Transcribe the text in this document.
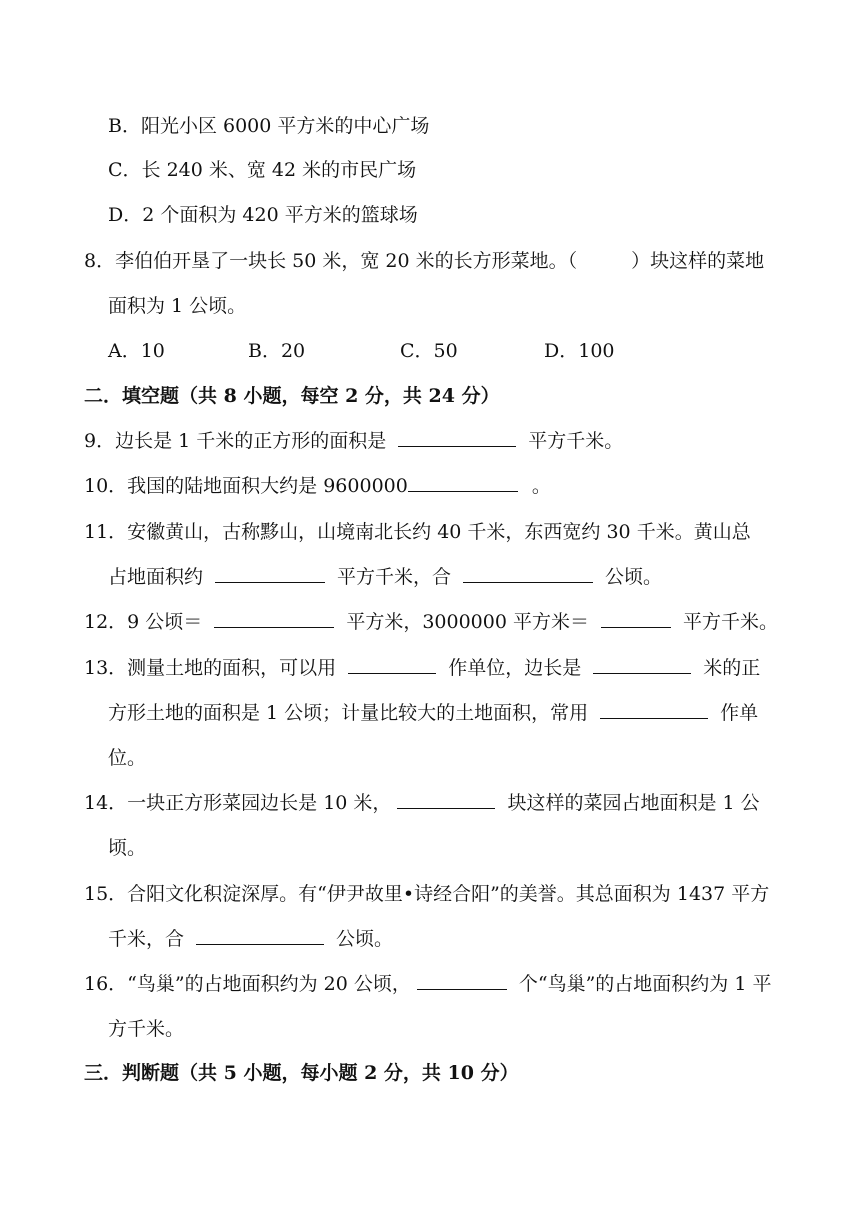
B．阳光小区 6000 平方米的中心广场
C．长 240 米、宽 42 米的市民广场
D．2 个面积为 420 平方米的篮球场
8．李伯伯开垦了一块长 50 米，宽 20 米的长方形菜地。（	）块这样的菜地
面积为 1 公顷。
A．10	B．20	C．50	D．100
二．填空题（共 8 小题，每空 2 分，共 24 分）
9．边长是 1 千米的正方形的面积是	平方千米。
10．我国的陆地面积大约是 9600000	。
11．安徽黄山，古称黟山，山境南北长约 40 千米，东西宽约 30 千米。黄山总
占地面积约	平方千米，合	公顷。
12．9 公顷＝	平方米，3000000 平方米＝	平方千米。
13．测量土地的面积，可以用	作单位，边长是	米的正
方形土地的面积是 1 公顷；计量比较大的土地面积，常用	作单
位。
14．一块正方形菜园边长是 10 米，	块这样的菜园占地面积是 1 公
顷。
15．合阳文化积淀深厚。有“伊尹故里•诗经合阳”的美誉。其总面积为 1437 平方
千米，合	公顷。
16．“鸟巢”的占地面积约为 20 公顷，	个“鸟巢”的占地面积约为 1 平
方千米。
三．判断题（共 5 小题，每小题 2 分，共 10 分）
